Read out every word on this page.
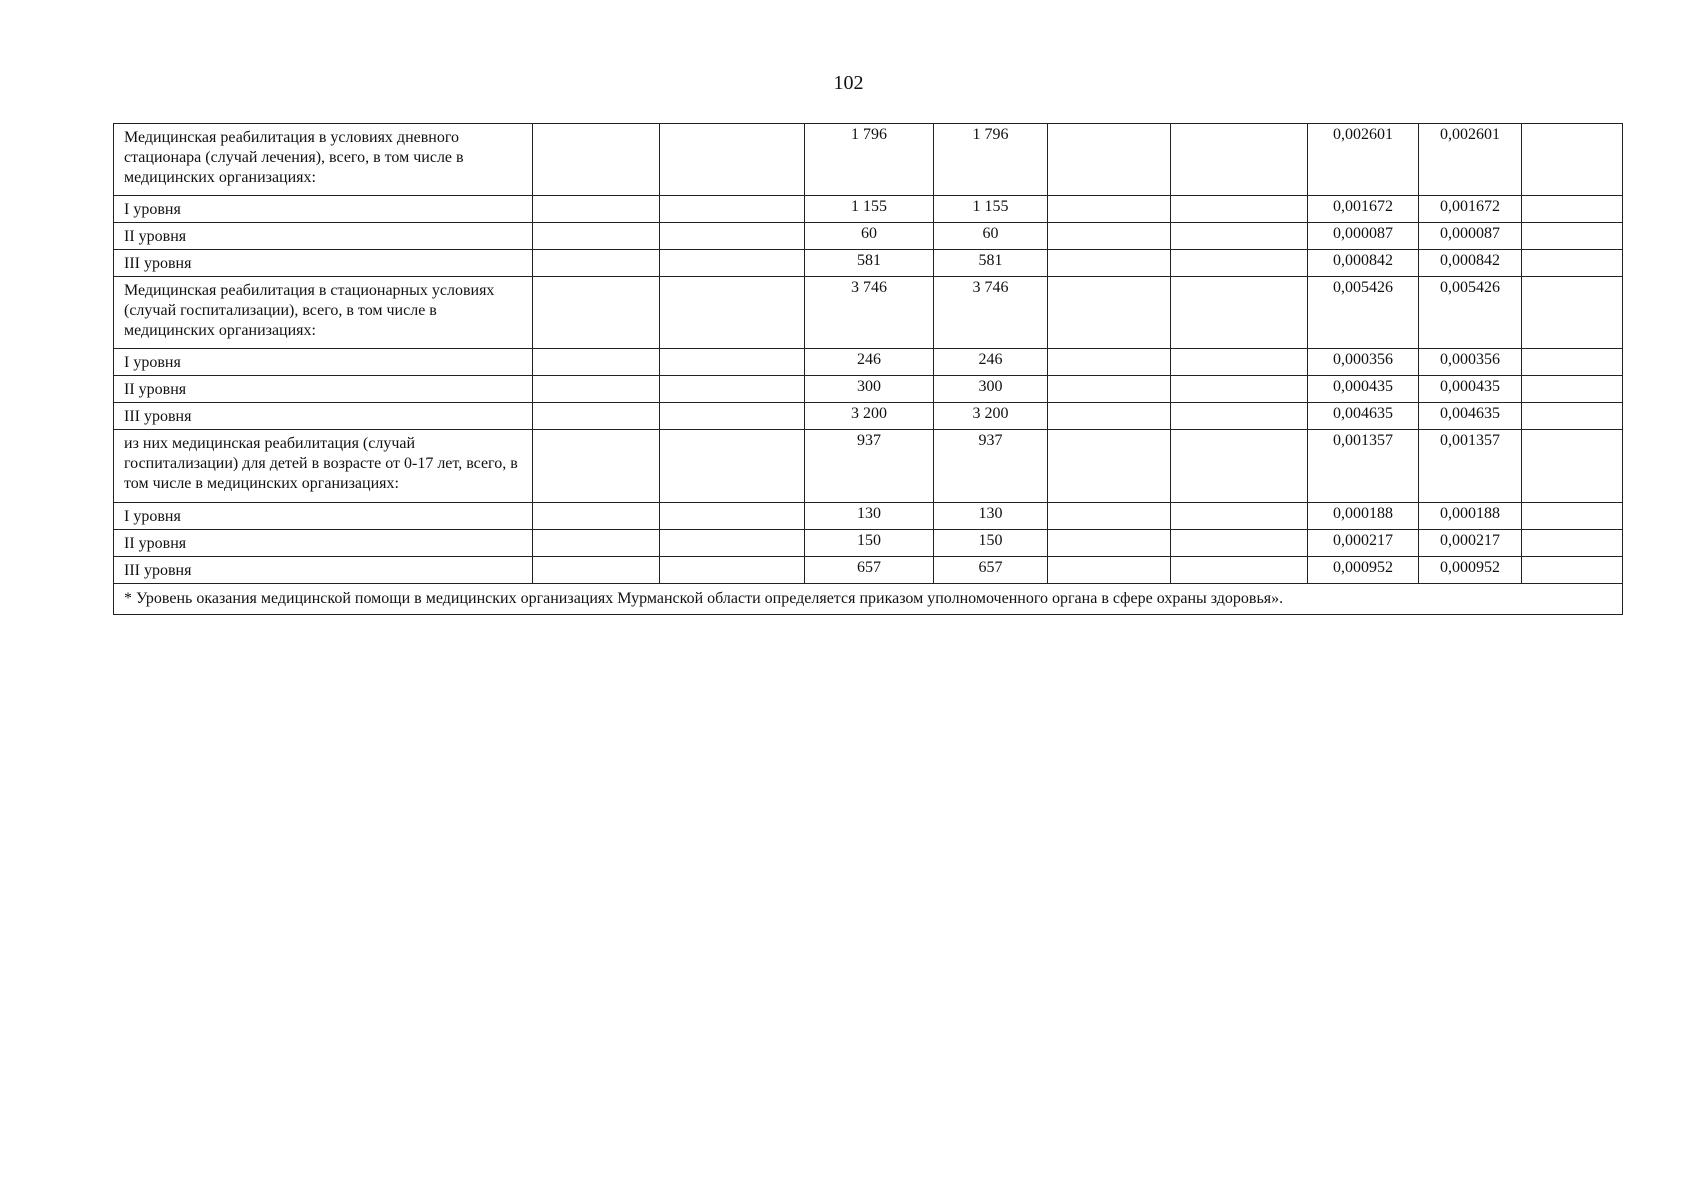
102
Медицинская реабилитация в условиях дневного стационара (случай лечения), всего, в том числе в медицинских организациях:			1 796	1 796			0,002601	0,002601	
I уровня			1 155	1 155			0,001672	0,001672	
II уровня			60	60			0,000087	0,000087	
III уровня			581	581			0,000842	0,000842	
Медицинская реабилитация в стационарных условиях (случай госпитализации), всего, в том числе в медицинских организациях:			3 746	3 746			0,005426	0,005426	
I уровня			246	246			0,000356	0,000356	
II уровня			300	300			0,000435	0,000435	
III уровня			3 200	3 200			0,004635	0,004635	
из них медицинская реабилитация (случай госпитализации) для детей в возрасте от 0-17 лет, всего, в том числе в медицинских организациях:			937	937			0,001357	0,001357	
I уровня			130	130			0,000188	0,000188	
II уровня			150	150			0,000217	0,000217	
III уровня			657	657			0,000952	0,000952	
* Уровень оказания медицинской помощи в медицинских организациях Мурманской области определяется приказом уполномоченного органа в сфере охраны здоровья».									
